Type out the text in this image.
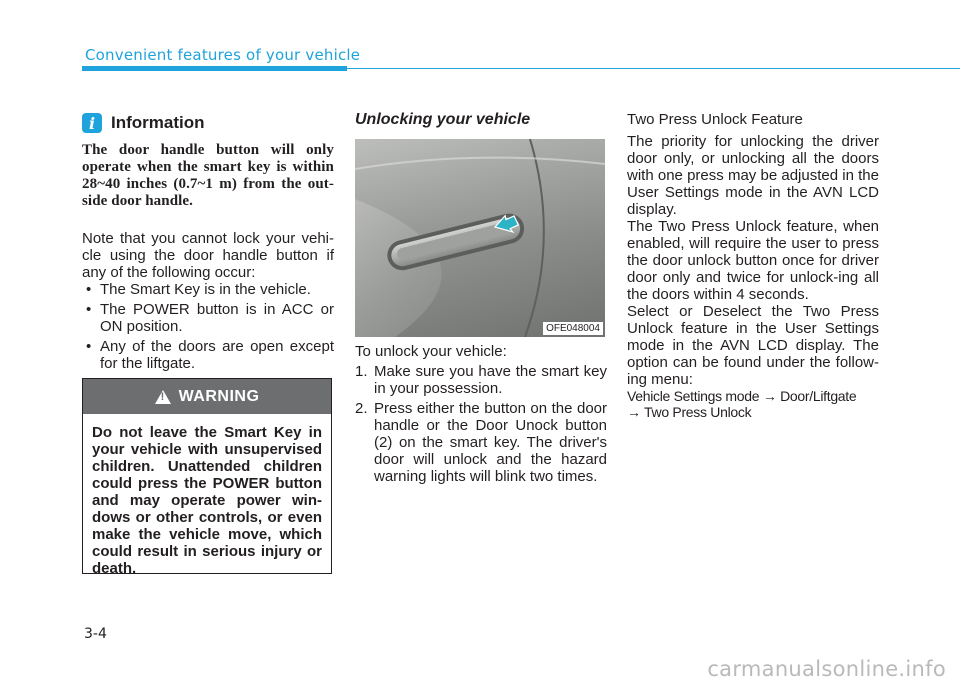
Convenient features of your vehicle
i Information
The door handle button will only operate when the smart key is within 28~40 inches (0.7~1 m) from the out-side door handle.
Note that you cannot lock your vehi-cle using the door handle button if any of the following occur:
• The Smart Key is in the vehicle.
• The POWER button is in ACC or ON position.
• Any of the doors are open except for the liftgate.
! WARNING
Do not leave the Smart Key in your vehicle with unsupervised children. Unattended children could press the POWER button and may operate power win-dows or other controls, or even make the vehicle move, which could result in serious injury or death.
Unlocking your vehicle
OFE048004
To unlock your vehicle:
1. Make sure you have the smart key in your possession.
2. Press either the button on the door handle or the Door Unock button (2) on the smart key. The driver's door will unlock and the hazard warning lights will blink two times.
Two Press Unlock Feature
The priority for unlocking the driver door only, or unlocking all the doors with one press may be adjusted in the User Settings mode in the AVN LCD display.
The Two Press Unlock feature, when enabled, will require the user to press the door unlock button once for driver door only and twice for unlock-ing all the doors within 4 seconds.
Select or Deselect the Two Press Unlock feature in the User Settings mode in the AVN LCD display. The option can be found under the follow-ing menu:
Vehicle Settings mode → Door/Liftgate
→ Two Press Unlock
3-4
carmanualsonline.info
